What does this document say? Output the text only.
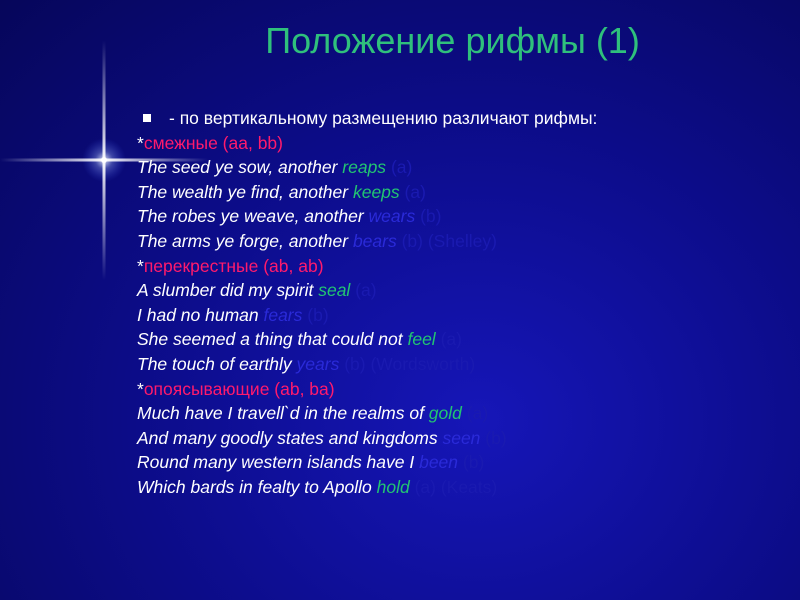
Положение рифмы (1)
- по вертикальному размещению различают рифмы:
*смежные (аа, bb)
The seed ye sow, another reaps (a)
The wealth ye find, another keeps (a)
The robes ye weave, another wears (b)
The arms ye forge, another bears (b) (Shelley)
*перекрестные (ab, ab)
A slumber did my spirit seal (a)
I had no human fears (b)
She seemed a thing that could not feel (a)
The touch of earthly years (b) (Wordsworth)
*опоясывающие (ab, ba)
Much have I travell`d in the realms of gold (a)
And many goodly states and kingdoms seen (b)
Round many western islands have I been (b)
Which bards in fealty to Apollo hold (a) (Keats)
